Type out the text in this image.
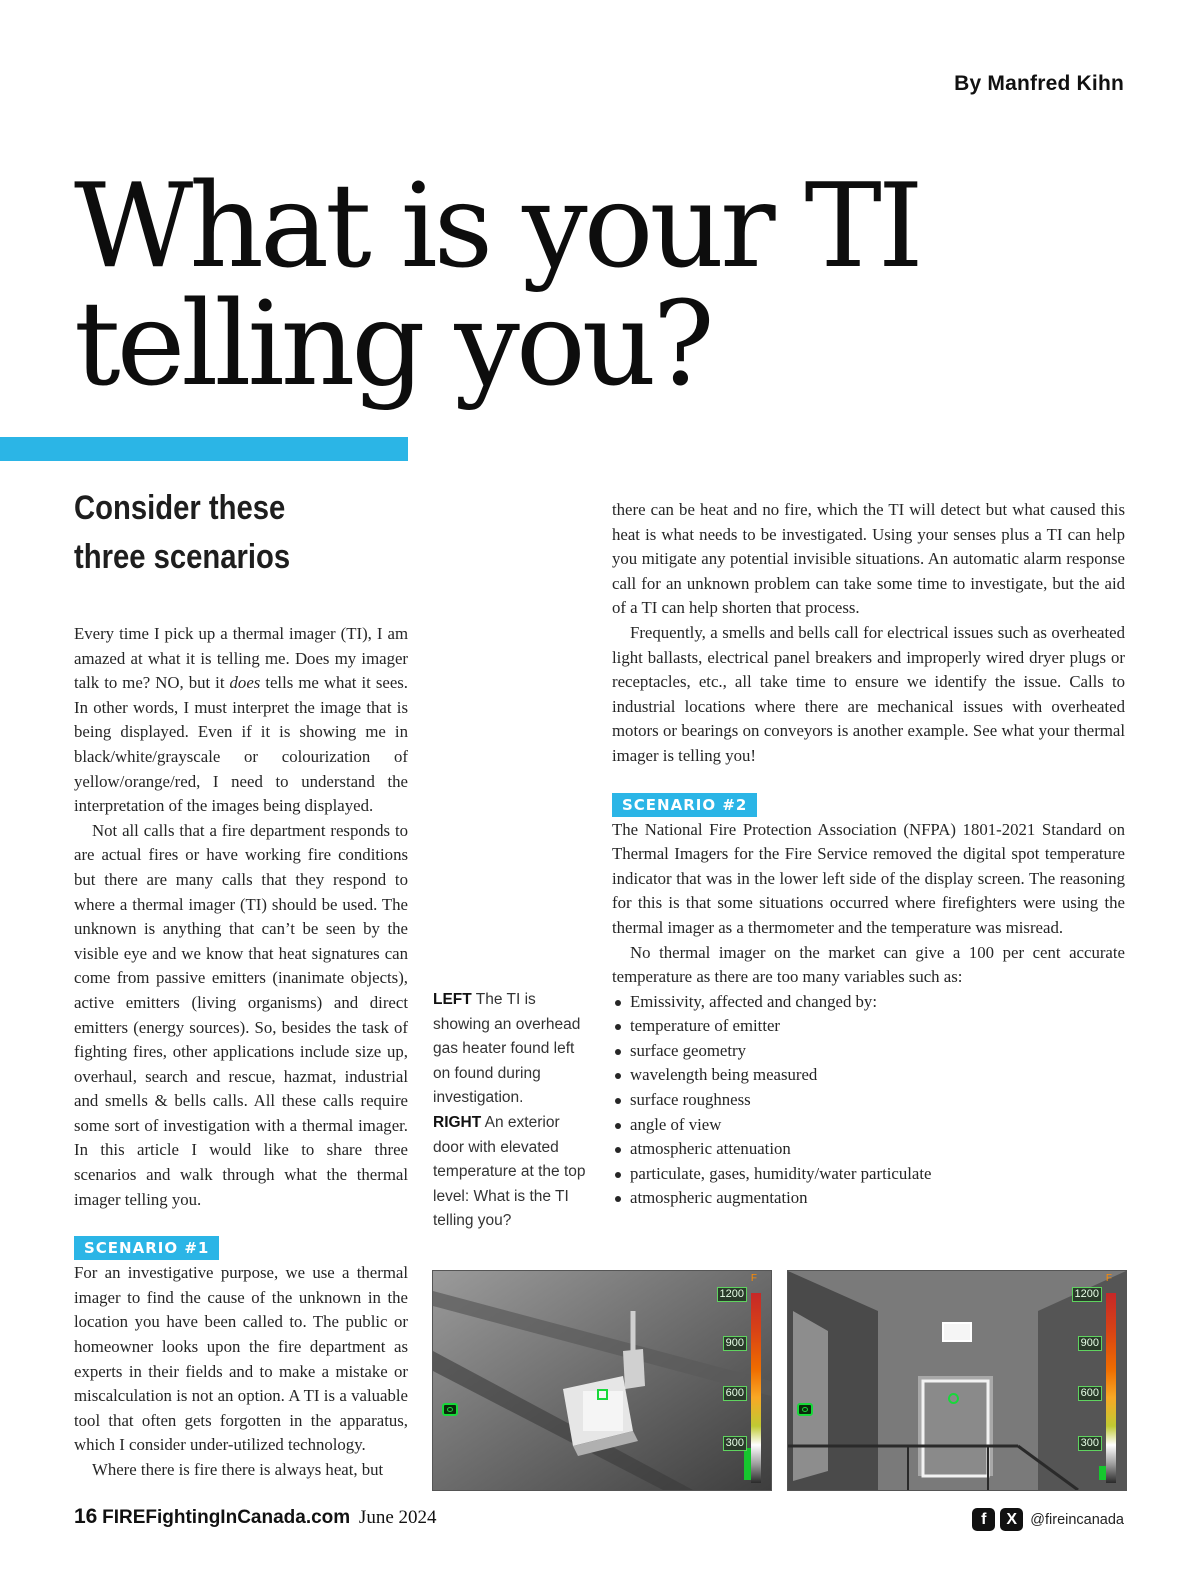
By Manfred Kihn
What is your TI telling you?
Consider these three scenarios

Every time I pick up a thermal imager (TI), I am amazed at what it is telling me. Does my imager talk to me? NO, but it does tells me what it sees. In other words, I must interpret the image that is being displayed. Even if it is showing me in black/white/grayscale or colourization of yellow/orange/red, I need to understand the interpretation of the images being displayed.

Not all calls that a fire department responds to are actual fires or have working fire conditions but there are many calls that they respond to where a thermal imager (TI) should be used. The unknown is anything that can’t be seen by the visible eye and we know that heat signatures can come from passive emitters (inanimate objects), active emitters (living organisms) and direct emitters (energy sources). So, besides the task of fighting fires, other applications include size up, overhaul, search and rescue, hazmat, industrial and smells & bells calls. All these calls require some sort of investigation with a thermal imager. In this article I would like to share three scenarios and walk through what the thermal imager telling you.

SCENARIO #1

For an investigative purpose, we use a thermal imager to find the cause of the unknown in the location you have been called to. The public or homeowner looks upon the fire department as experts in their fields and to make a mistake or miscalculation is not an option. A TI is a valuable tool that often gets forgotten in the apparatus, which I consider under-utilized technology.

Where there is fire there is always heat, but

LEFT The TI is showing an overhead gas heater found left on found during investigation.
RIGHT An exterior door with elevated temperature at the top level: What is the TI telling you?

there can be heat and no fire, which the TI will detect but what caused this heat is what needs to be investigated. Using your senses plus a TI can help you mitigate any potential invisible situations. An automatic alarm response call for an unknown problem can take some time to investigate, but the aid of a TI can help shorten that process.

Frequently, a smells and bells call for electrical issues such as overheated light ballasts, electrical panel breakers and improperly wired dryer plugs or receptacles, etc., all take time to ensure we identify the issue. Calls to industrial locations where there are mechanical issues with overheated motors or bearings on conveyors is another example. See what your thermal imager is telling you!

SCENARIO #2

The National Fire Protection Association (NFPA) 1801-2021 Standard on Thermal Imagers for the Fire Service removed the digital spot temperature indicator that was in the lower left side of the display screen. The reasoning for this is that some situations occurred where firefighters were using the thermal imager as a thermometer and the temperature was misread.

No thermal imager on the market can give a 100 per cent accurate temperature as there are too many variables such as:

Emissivity, affected and changed by:
temperature of emitter
surface geometry
wavelength being measured
surface roughness
angle of view
atmospheric attenuation
particulate, gases, humidity/water particulate
atmospheric augmentation
F
1200
900
600
300
F
1200
900
600
300
16 FIREFightingInCanada.com June 2024	f	X @fireincanada
